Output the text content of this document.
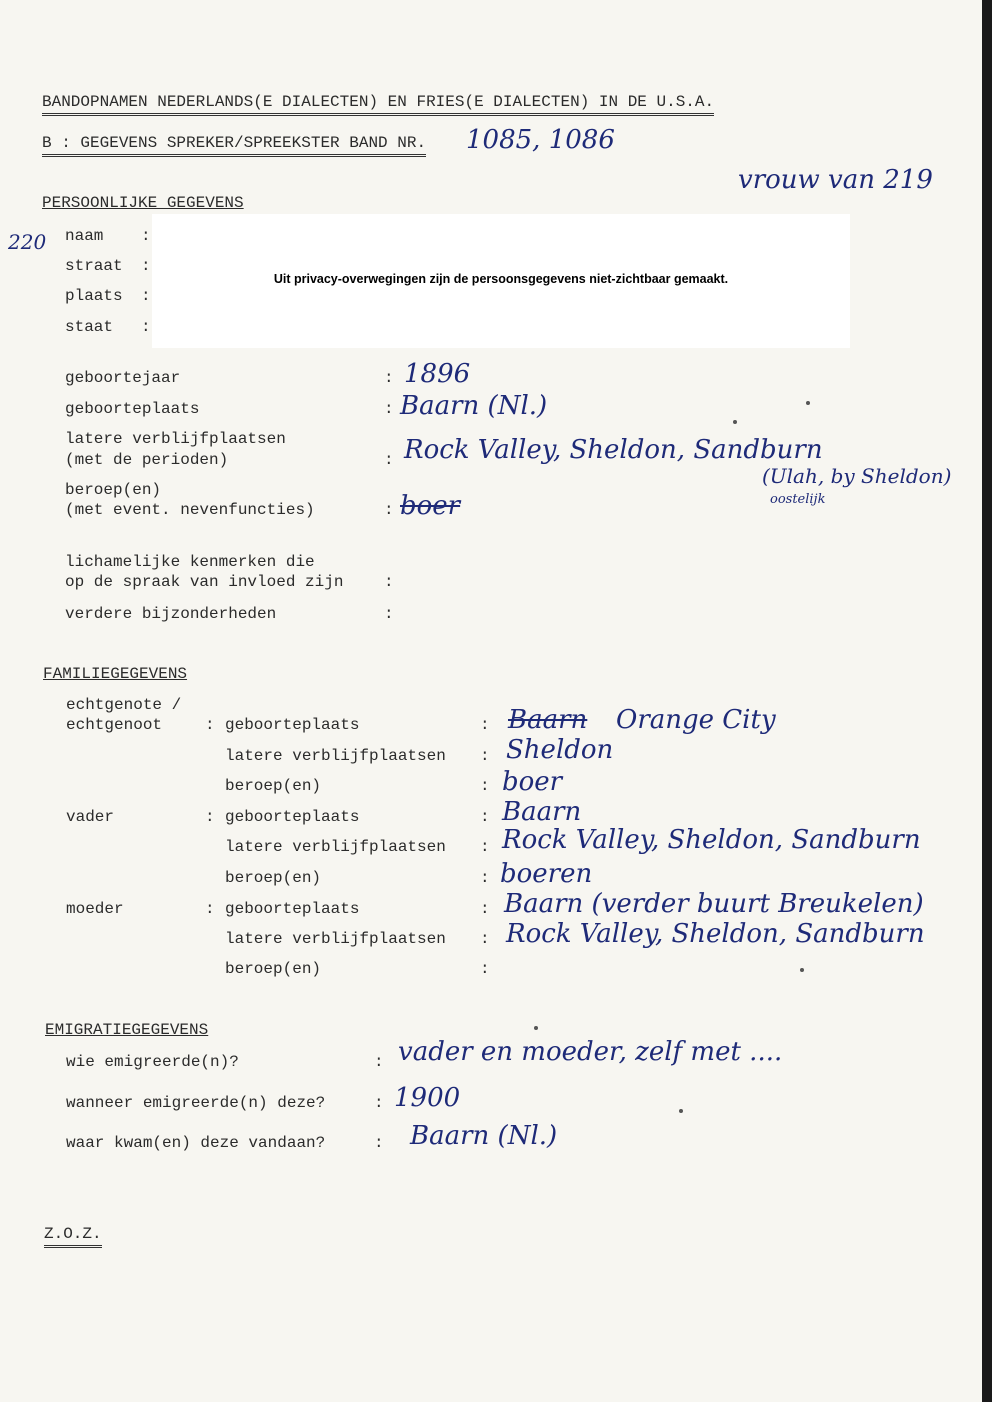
BANDOPNAMEN NEDERLANDS(E DIALECTEN) EN FRIES(E DIALECTEN) IN DE U.S.A.
B : GEGEVENS SPREKER/SPREEKSTER BAND NR. 1085, 1086
vrouw van 219
PERSOONLIJKE GEGEVENS
220 naam :
straat :
plaats :
staat :
Uit privacy-overwegingen zijn de persoonsgegevens niet-zichtbaar gemaakt.
geboortejaar	: 1896
geboorteplaats	: Baarn (Nl.)
latere verblijfplaatsen
(met de perioden)	: Rock Valley, Sheldon, Sandburn
(Ulah, by Sheldon)
oostelijk
beroep(en)
(met event. nevenfuncties)	: boer
lichamelijke kenmerken die
op de spraak van invloed zijn	:
verdere bijzonderheden	:
FAMILIEGEGEVENS
echtgenote /
echtgenoot	: geboorteplaats	: Baarn Orange City
latere verblijfplaatsen : Sheldon
beroep(en)	: boer
vader	: geboorteplaats	: Baarn
latere verblijfplaatsen : Rock Valley, Sheldon, Sandburn
beroep(en)	: boeren
moeder	: geboorteplaats	: Baarn (verder buurt Breukelen)
latere verblijfplaatsen : Rock Valley, Sheldon, Sandburn
beroep(en)	:
EMIGRATIEGEGEVENS
wie emigreerde(n)?	: vader en moeder, zelf met ....
wanneer emigreerde(n) deze?	: 1900
waar kwam(en) deze vandaan?	: Baarn (Nl.)
Z.O.Z.
